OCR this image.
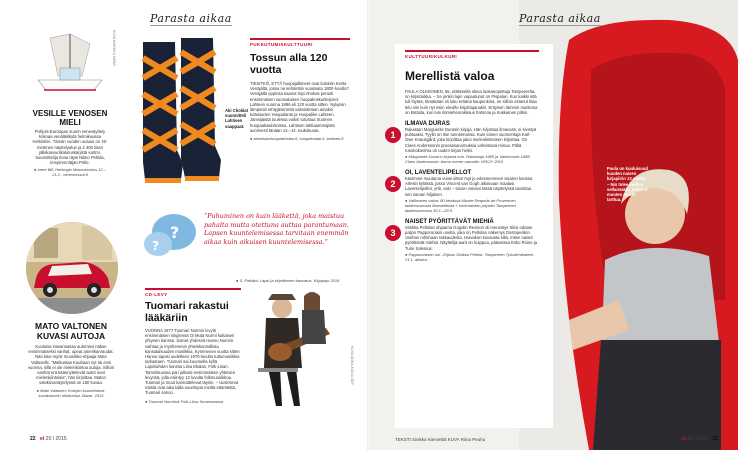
Parasta aikaa
VESILLE VENOSEN MIELI
Pohjois-Euroopan suurin veneväyttely kokoaa venäläiskylä helmikuussa Helsinkiin. Tämän vuoden uutuus on 40-metrinen näyttelyalue ja 2 400 liiran jälkikasvuolkalutuskärjistä vartmi. Suunnittelija Ilona täysi Nikko Peltola, lempirenntäjän Pelto.
● Irene Bill, Helsingin Messukeskus 12.–21.2., venemessut.fi
KUVA MARKKU NIEMI
MATO VALTONEN KUVASI AUTOJA
Kuuluisa Havannassa automies näkee ensimmäiseksi vanhat, upeat amerikanraudat. Nän kävi myös muusikko-ohjaaja Mato Valtoselle. “Matkustaa Kuubaan nyt tai ensi vuonna, sillä ei ole mielenkiintoa autoja. Silloin vanhat erä käännyttelevät autot ovat mielenkiintoisia”, hän kirjoittaa. Maton valokuvanäytelyssä on 150 kuvaa.
● Mato Valtonen: Kotujen kuunteitanst, kuvakokoelo oikotuolsa. Bazar. 2015
Aki Choklat suunnitteli Lahtisen saappaat.
PUKEUTUMISKULTTUURI
Tossun alla 120 vuotta
TIESITKÖ, ETTÄ huopajalkineet ovat kotoisin Keski-Venäjältä, jossa ne kehitettiin vuosisata 1800-luvulla? Venäjällä oppinsa saanut Sipi Ahokas perusti ensimmäisen suomalaisen huopakoskurileijonoi Lahteen vuonna 1896 eli 120 vuotta sitten. Nykyisin lämpimiä tehtyjäsiirrettä valmistetaan ainakin tuttuisarien Huopalanta ja Huopalike Lahteen. Jämsijäistä tuulessa voikin tutustua Suomen huopaakasiivkoissa. Lahtisen lahtiaammajistä avoimesti tänään 13.–14. toukokuuta.
● ahokkaanhuopatehdas.fi, huopalondai.fi, lahtisen.fi
?
?
“Puhuminen on kuin lääkettä, joka maistuu pahalta mutta otettuna auttaa parantumaan. Lapsen kuuntelemisessa tarvitaan enemmän aikaa kuin aikuisen kuuntelemisessa.”
● S. Pelkäoi: Lapsi ja kirjoittimien kasvatus. Kirjapajo 2016
CD-LEVY
Tuomari rakastui lääkäriin
VUONNA 1977 Tuomari Nurmio levytti ensimmäisen singlensä Oi Muta Nurmi kultaisen yhtyeen kanssa. Sainut yhdessä Hannu Nurmio vaihtaa ja myöhemmin yhteiskunnallisia, kansalaisuuden musiikkia. Kymmenen vuotta sitten Hannu tapasi uudelleen 1970-luvulta tuttumusiikkia tarkastaen. Tuomari sai kuunnella kyllä Lapinlahden kanssa Liisa Ekalan, Folk-Lisan. Tammikuussa pari julkaisi ensimmäisen yhteisen levynsä, jolla esiintyy 12 luvulta folkmuusikkoa. Tuomari ja muut kannattelevat täysin. – Uusimmat näistä ovat aika lailla suurimpia meiltä ettämästä, Tuomari sanoo.
● Tuomari Nurmio& Folk-Liisa: Ihmemaassa
KUVA ANNA-KAISA SEP
22 et 20 / 2015
Parasta aikaa
KULTTUURIKULKURI
Merellistä valoa
PAULA OLKKONEN, 65, eläkkeellä oleva luokanopettaja Tampereelta, on kirjatoukka. – Se jonkin lajin vapautunut on Pispalan. Kun kaikki sitä tuli löytää, tämäkään oli luku eräänä kaupunkina, en silloin ostanut tilaa lelu niin kuin nyt esiin eleville kirjoittajanakin. Erityisen lämmin muistona on Bistoila, kun luin ilomiehenrakkaus hahmoa ja Kukkainen pitkin.
1
ILMAVA DURAS
Rakastan Marguerite Durasin kirjoja. Hän kirjoittaa ilmavasti, ei sivistyä puhtaaksi. Tyylin on itse tunnelmansa. Kuin toinen suomentaja Karl-Owe Knausgård, joka kirjoittaa jakoi mielenkiintoisen kirjoittaa. On Claes Anderssonin proosasanomuksia vahvistava minua. Pitkä runokokoelma on uuden kirjan helmi.
● Marguerite Duras'n kirjasta mm. Rakastaja 1985 ja Vankomurit 1988. Claes Anderssonin: Aamu meren rannalla. WSOY 2015
2
OI, LAVENTELIPELLOT
Kävimme muutama vuosi sitten myt jo edesmenneen sisaren kanssa Arlesin kylässä, jossa Vincent van Gogh aikoinaan maalasi. Laventelipellot, yrtit, valo – toivon voivani tässä näyttelyssä tavoittaa sen saman hiljaisen.
● Vallimaren valoa: 80 kesässä Musée Reqords de Provencen taidemuseosta Marseilleista + korkmaisten pöydän Tampereen taidemuseossa 30.1.–29.5.
3
NAISET PYÖRITTÄVÄT MIEHIÄ
Sinikka Peltolan ohjaama Gogolin Revisori oli menestys Siksi odotan paljon Pappororasin unelta, joka on Peltolan näkemys Dostojevskin Vanhan ruhtinaan rakkaudesta. Huivakon kuvausta sillä, miten naiset pyörittävät miehiä. Näyttelijä-aarit on huippua, pääosissa Esko Roine ja Tuire Salenius.
● Pappororasen uni. Ohjaus Sinikka Peltola. Tampereen Työväenteatteri. 21.1. alkaen.
Paula on kuuluisuud kuuden naisen kirjapiirin 13 vuotta. – Nin tulee luettua sellaistakin, mihin ei muuten osaisi tarttua.
TEKSTI Sinikka Kiemettiä KUVA Riina Peuhu	et 20 / 2015 23
